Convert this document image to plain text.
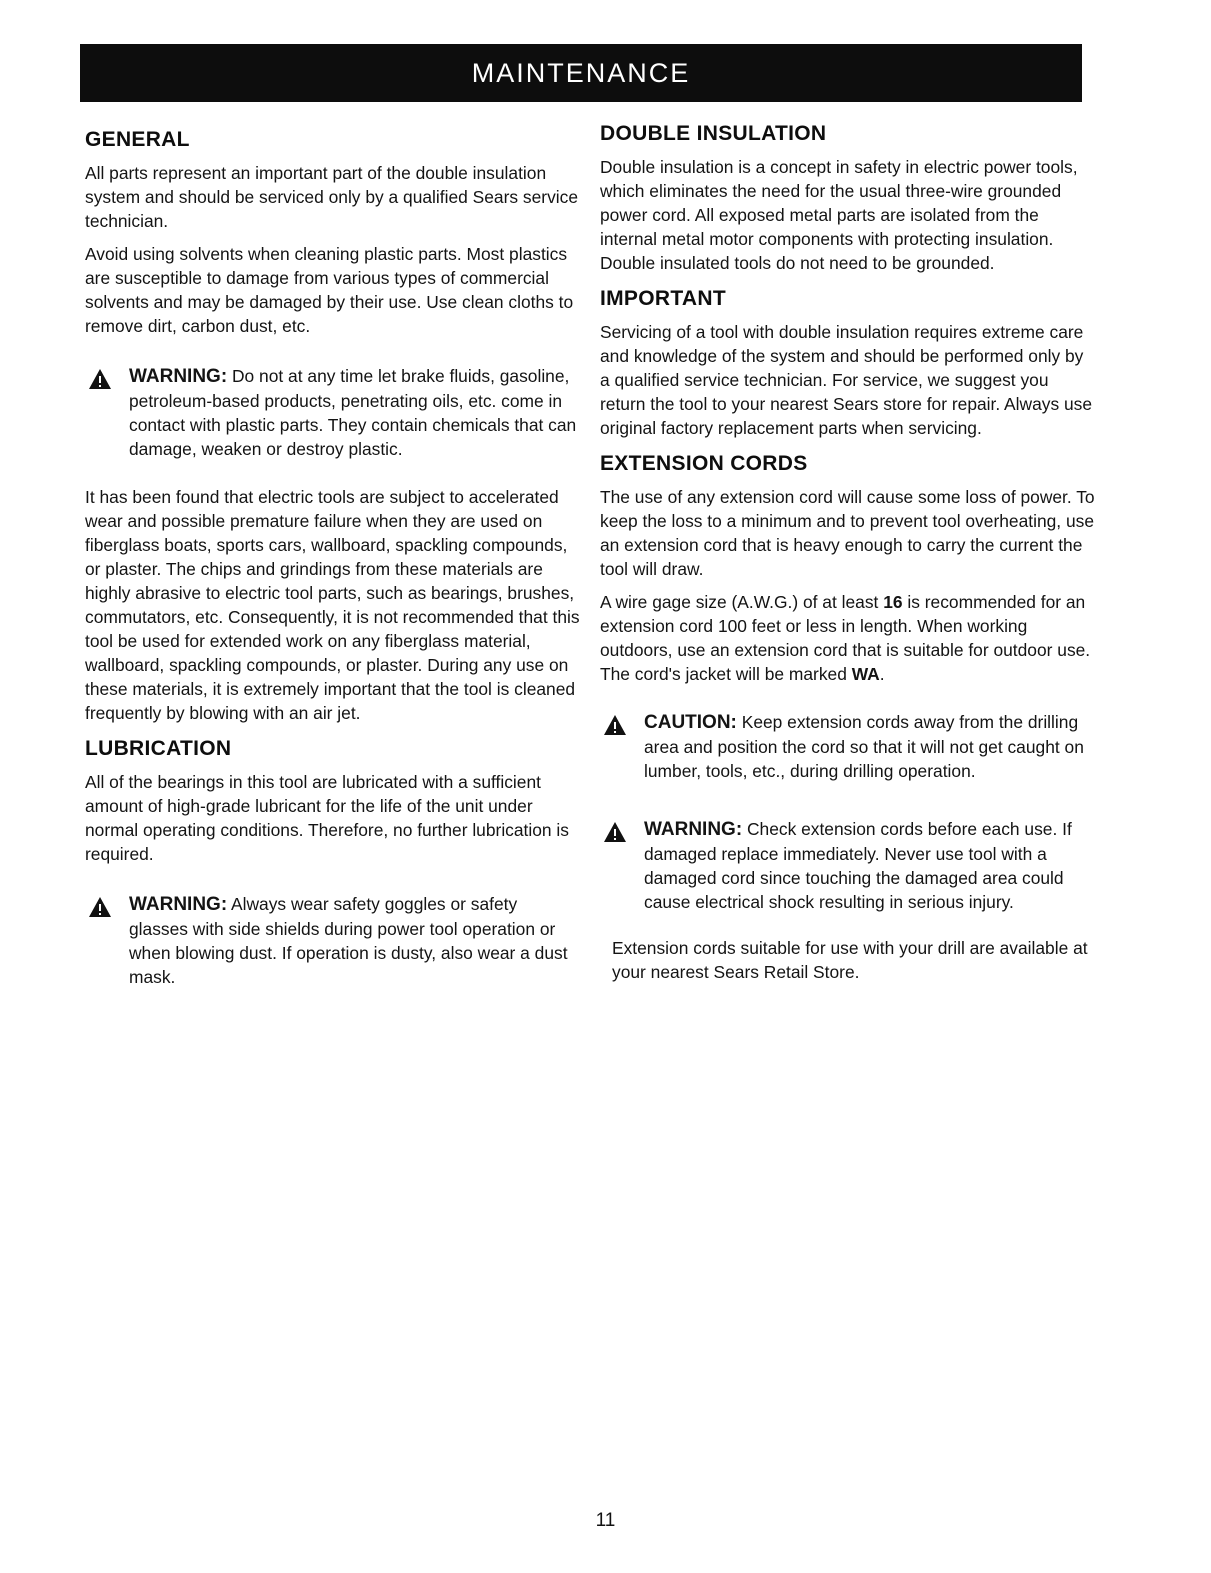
MAINTENANCE
GENERAL

All parts represent an important part of the double insulation system and should be serviced only by a qualified Sears service technician.

Avoid using solvents when cleaning plastic parts. Most plastics are susceptible to damage from various types of commercial solvents and may be damaged by their use. Use clean cloths to remove dirt, carbon dust, etc.

WARNING: Do not at any time let brake fluids, gasoline, petroleum-based products, penetrating oils, etc. come in contact with plastic parts. They contain chemicals that can damage, weaken or destroy plastic.

It has been found that electric tools are subject to accelerated wear and possible premature failure when they are used on fiberglass boats, sports cars, wallboard, spackling compounds, or plaster. The chips and grindings from these materials are highly abrasive to electric tool parts, such as bearings, brushes, commutators, etc. Consequently, it is not recommended that this tool be used for extended work on any fiberglass material, wallboard, spackling compounds, or plaster. During any use on these materials, it is extremely important that the tool is cleaned frequently by blowing with an air jet.

LUBRICATION

All of the bearings in this tool are lubricated with a sufficient amount of high-grade lubricant for the life of the unit under normal operating conditions. Therefore, no further lubrication is required.

WARNING: Always wear safety goggles or safety glasses with side shields during power tool operation or when blowing dust. If operation is dusty, also wear a dust mask.
DOUBLE INSULATION

Double insulation is a concept in safety in electric power tools, which eliminates the need for the usual three-wire grounded power cord. All exposed metal parts are isolated from the internal metal motor components with protecting insulation. Double insulated tools do not need to be grounded.

IMPORTANT

Servicing of a tool with double insulation requires extreme care and knowledge of the system and should be performed only by a qualified service technician. For service, we suggest you return the tool to your nearest Sears store for repair. Always use original factory replacement parts when servicing.

EXTENSION CORDS

The use of any extension cord will cause some loss of power. To keep the loss to a minimum and to prevent tool overheating, use an extension cord that is heavy enough to carry the current the tool will draw.

A wire gage size (A.W.G.) of at least 16 is recommended for an extension cord 100 feet or less in length. When working outdoors, use an extension cord that is suitable for outdoor use. The cord's jacket will be marked WA.

CAUTION: Keep extension cords away from the drilling area and position the cord so that it will not get caught on lumber, tools, etc., during drilling operation.
WARNING: Check extension cords before each use. If damaged replace immediately. Never use tool with a damaged cord since touching the damaged area could cause electrical shock resulting in serious injury.

Extension cords suitable for use with your drill are available at your nearest Sears Retail Store.

11
